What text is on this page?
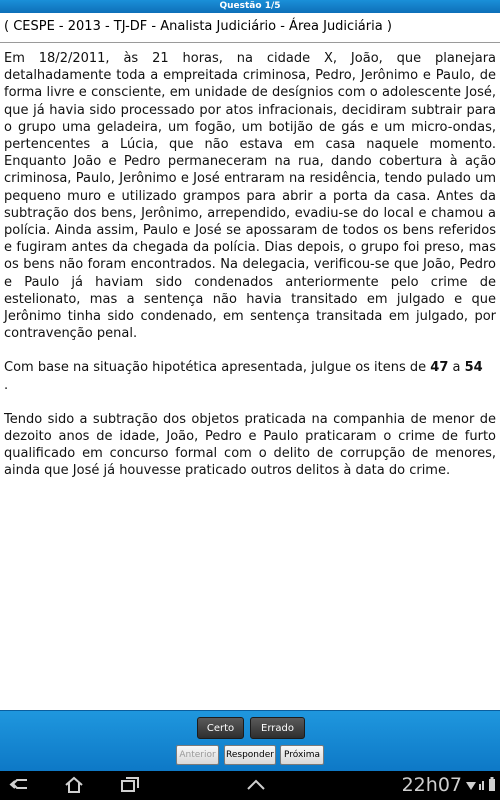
Questão 1/5
( CESPE - 2013 - TJ-DF - Analista Judiciário - Área Judiciária )

Em 18/2/2011, às 21 horas, na cidade X, João, que planejara detalhadamente toda a empreitada criminosa, Pedro, Jerônimo e Paulo, de forma livre e consciente, em unidade de desígnios com o adolescente José, que já havia sido processado por atos infracionais, decidiram subtrair para o grupo uma geladeira, um fogão, um botijão de gás e um micro-ondas, pertencentes a Lúcia, que não estava em casa naquele momento. Enquanto João e Pedro permaneceram na rua, dando cobertura à ação criminosa, Paulo, Jerônimo e José entraram na residência, tendo pulado um pequeno muro e utilizado grampos para abrir a porta da casa. Antes da subtração dos bens, Jerônimo, arrependido, evadiu-se do local e chamou a polícia. Ainda assim, Paulo e José se apossaram de todos os bens referidos e fugiram antes da chegada da polícia. Dias depois, o grupo foi preso, mas os bens não foram encontrados. Na delegacia, verificou-se que João, Pedro e Paulo já haviam sido condenados anteriormente pelo crime de estelionato, mas a sentença não havia transitado em julgado e que Jerônimo tinha sido condenado, em sentença transitada em julgado, por contravenção penal.

Com base na situação hipotética apresentada, julgue os itens de 47 a 54
.

Tendo sido a subtração dos objetos praticada na companhia de menor de dezoito anos de idade, João, Pedro e Paulo praticaram o crime de furto qualificado em concurso formal com o delito de corrupção de menores, ainda que José já houvesse praticado outros delitos à data do crime.

Certo	Errado
Anterior	Responder	Próxima
22h07
